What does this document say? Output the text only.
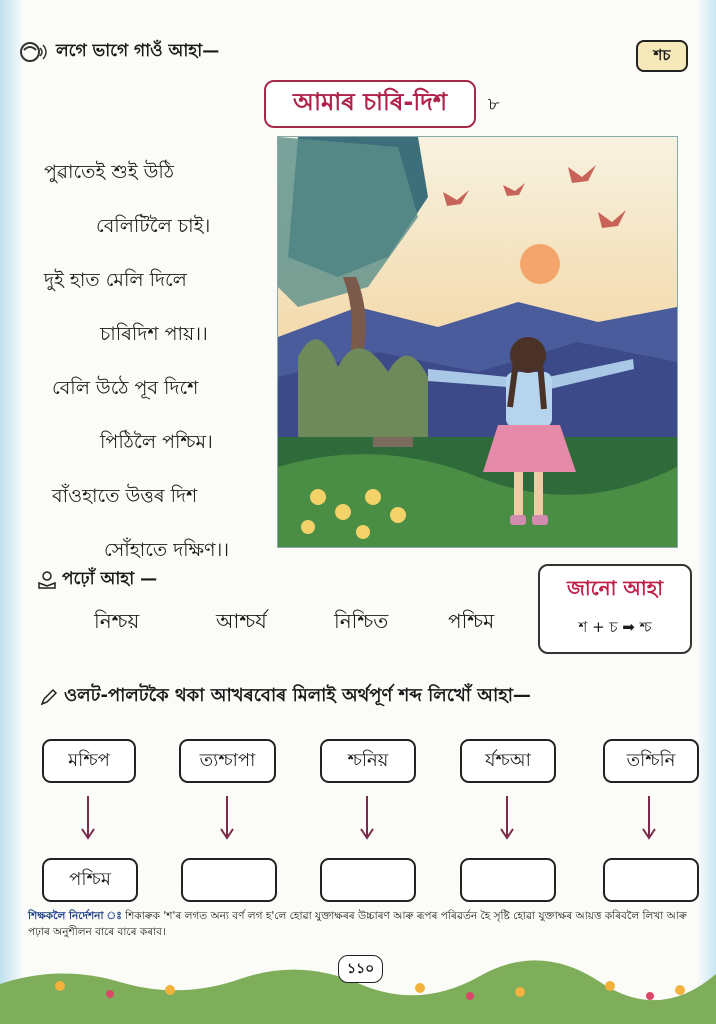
লগে ভাগে গাওঁ আহা—	শচ
আমাৰ চাৰি-দিশ	৮
পুৱাতেই শুই উঠি
বেলিটিলৈ চাই।
দুই হাত মেলি দিলে
চাৰিদিশ পায়।।
বেলি উঠে পূব দিশে
পিঠিলৈ পশ্চিম।
বাঁওহাতে উত্তৰ দিশ
সোঁহাতে দক্ষিণ।।
পঢ়োঁ আহা —
নিশ্চয়	আশ্চৰ্য	নিশ্চিত	পশ্চিম
জানো আহা
শ + চ ➡ শ্চ
ওলট-পালটকৈ থকা আখৰবোৰ মিলাই অৰ্থপূৰ্ণ শব্দ লিখোঁ আহা—
মশ্চিপ	ত্যশ্চাপা	শ্চনিয়	ৰ্যশ্চআ	তশ্চিনি
পশ্চিম
শিক্ষকলৈ নিৰ্দেশনা ঃ শিকাৰুক 'শ'ৰ লগত অন্য বৰ্ণ লগ হ'লে হোৱা যুক্তাক্ষৰৰ উচ্চাৰণ আৰু ৰূপৰ পৰিৱৰ্তন হৈ সৃষ্টি হোৱা যুক্তাক্ষৰ আয়ত্ত কৰিবলৈ লিখা আৰু পঢ়াৰ অনুশীলন বাৰে বাৰে কৰাব।
১১০
